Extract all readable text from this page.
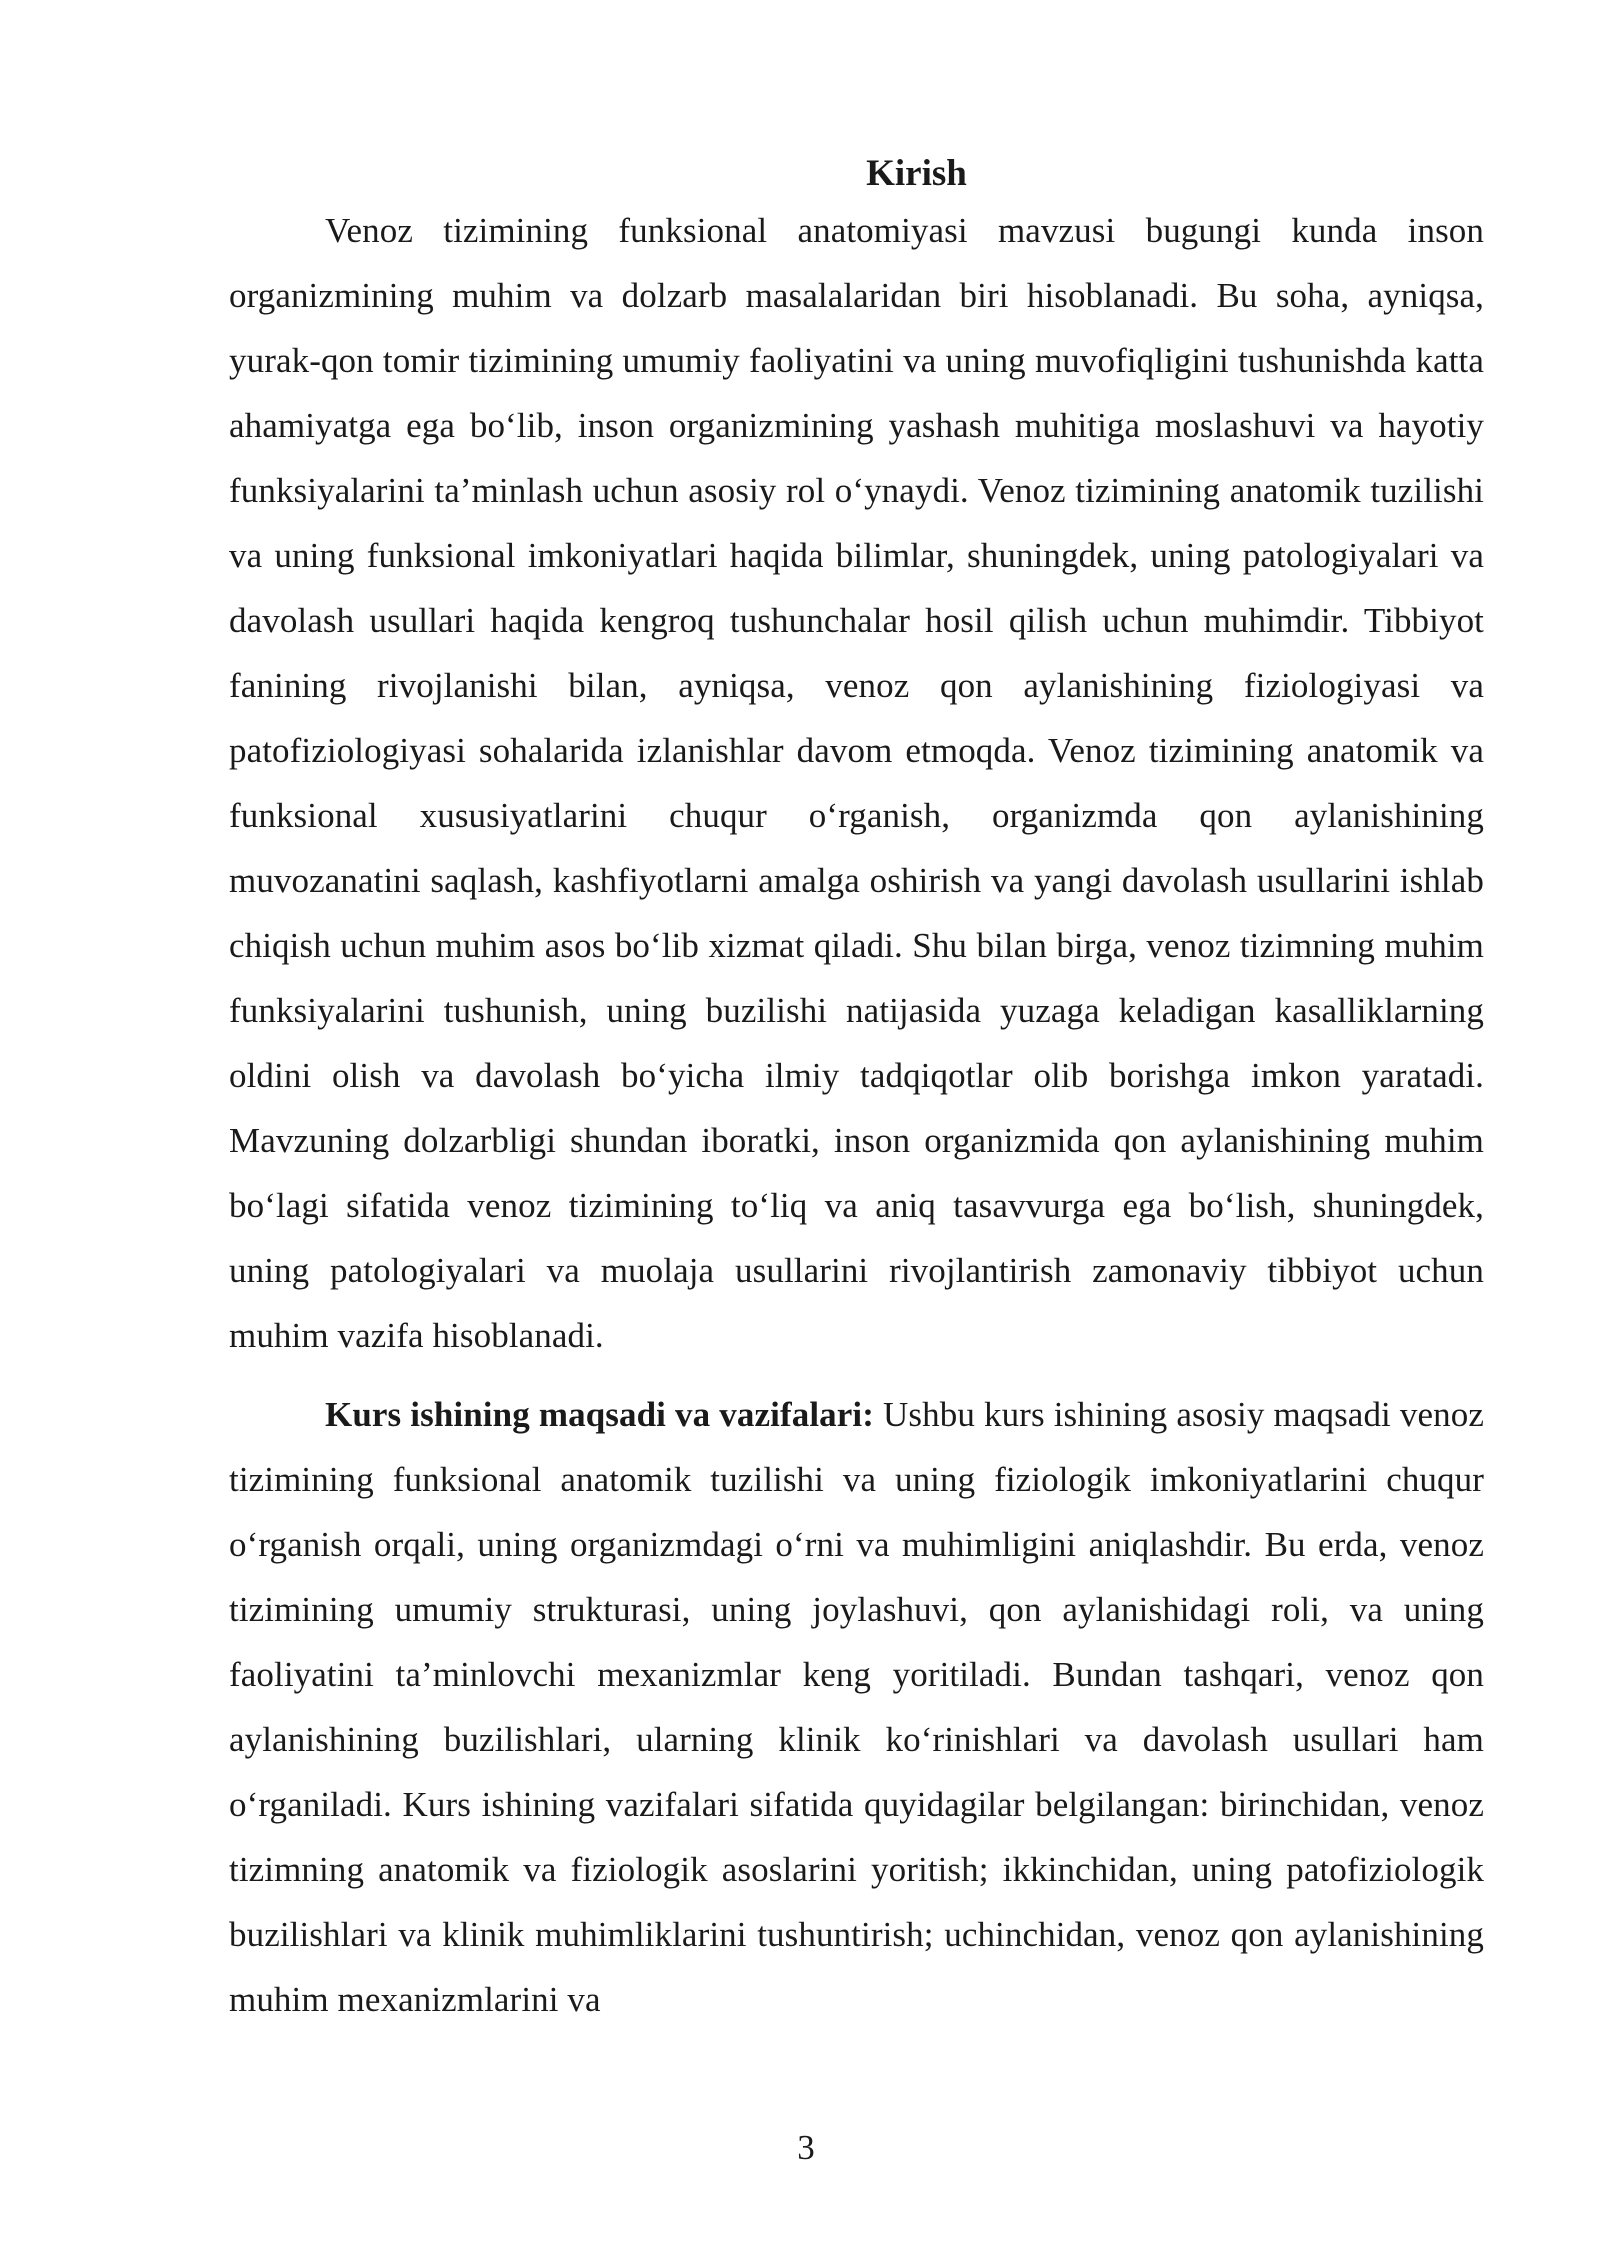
Kirish

Venoz tizimining funksional anatomiyasi mavzusi bugungi kunda inson organizmining muhim va dolzarb masalalaridan biri hisoblanadi. Bu soha, ayniqsa, yurak-qon tomir tizimining umumiy faoliyatini va uning muvofiqligini tushunishda katta ahamiyatga ega bo‘lib, inson organizmining yashash muhitiga moslashuvi va hayotiy funksiyalarini ta’minlash uchun asosiy rol o‘ynaydi. Venoz tizimining anatomik tuzilishi va uning funksional imkoniyatlari haqida bilimlar, shuningdek, uning patologiyalari va davolash usullari haqida kengroq tushunchalar hosil qilish uchun muhimdir. Tibbiyot fanining rivojlanishi bilan, ayniqsa, venoz qon aylanishining fiziologiyasi va patofiziologiyasi sohalarida izlanishlar davom etmoqda. Venoz tizimining anatomik va funksional xususiyatlarini chuqur o‘rganish, organizmda qon aylanishining muvozanatini saqlash, kashfiyotlarni amalga oshirish va yangi davolash usullarini ishlab chiqish uchun muhim asos bo‘lib xizmat qiladi. Shu bilan birga, venoz tizimning muhim funksiyalarini tushunish, uning buzilishi natijasida yuzaga keladigan kasalliklarning oldini olish va davolash bo‘yicha ilmiy tadqiqotlar olib borishga imkon yaratadi. Mavzuning dolzarbligi shundan iboratki, inson organizmida qon aylanishining muhim bo‘lagi sifatida venoz tizimining to‘liq va aniq tasavvurga ega bo‘lish, shuningdek, uning patologiyalari va muolaja usullarini rivojlantirish zamonaviy tibbiyot uchun muhim vazifa hisoblanadi.

Kurs ishining maqsadi va vazifalari: Ushbu kurs ishining asosiy maqsadi venoz tizimining funksional anatomik tuzilishi va uning fiziologik imkoniyatlarini chuqur o‘rganish orqali, uning organizmdagi o‘rni va muhimligini aniqlashdir. Bu erda, venoz tizimining umumiy strukturasi, uning joylashuvi, qon aylanishidagi roli, va uning faoliyatini ta’minlovchi mexanizmlar keng yoritiladi. Bundan tashqari, venoz qon aylanishining buzilishlari, ularning klinik ko‘rinishlari va davolash usullari ham o‘rganiladi. Kurs ishining vazifalari sifatida quyidagilar belgilangan: birinchidan, venoz tizimning anatomik va fiziologik asoslarini yoritish; ikkinchidan, uning patofiziologik buzilishlari va klinik muhimliklarini tushuntirish; uchinchidan, venoz qon aylanishining muhim mexanizmlarini va

3
